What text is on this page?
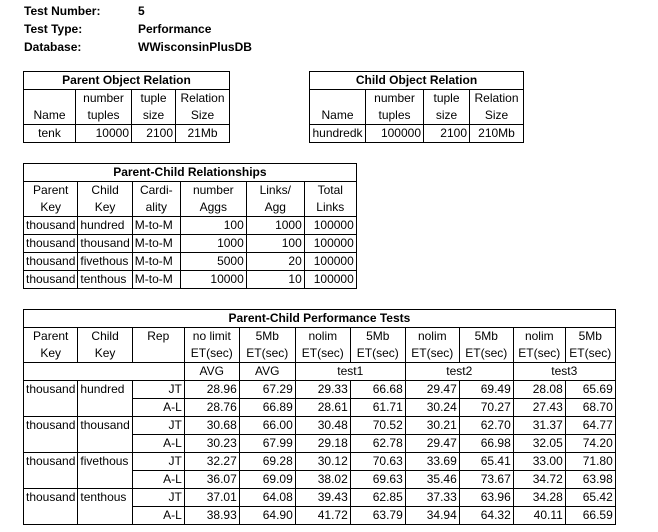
Test Number:	5
Test Type:	Performance
Database:	WWisconsinPlusDB
Parent Object Relation			
	number	tuple	Relation
Name	tuples	size	Size
tenk	10000	2100	21Mb
Child Object Relation			
	number	tuple	Relation
Name	tuples	size	Size
hundredk	100000	2100	210Mb
Parent-Child Relationships					
Parent	Child	Cardi-	number	Links/	Total
Key	Key	ality	Aggs	Agg	Links
thousand	hundred	M-to-M	100	1000	100000
thousand	thousand	M-to-M	1000	100	100000
thousand	fivethous	M-to-M	5000	20	100000
thousand	tenthous	M-to-M	10000	10	100000
Parent-Child Performance Tests										
Parent	Child	Rep	no limit	5Mb	nolim	5Mb	nolim	5Mb	nolim	5Mb
Key	Key		ET(sec)	ET(sec)	ET(sec)	ET(sec)	ET(sec)	ET(sec)	ET(sec)	ET(sec)
			AVG	AVG	test1		test2		test3	
thousand	hundred	JT	28.96	67.29	29.33	66.68	29.47	69.49	28.08	65.69
		A-L	28.76	66.89	28.61	61.71	30.24	70.27	27.43	68.70
thousand	thousand	JT	30.68	66.00	30.48	70.52	30.21	62.70	31.37	64.77
		A-L	30.23	67.99	29.18	62.78	29.47	66.98	32.05	74.20
thousand	fivethous	JT	32.27	69.28	30.12	70.63	33.69	65.41	33.00	71.80
		A-L	36.07	69.09	38.02	69.63	35.46	73.67	34.72	63.98
thousand	tenthous	JT	37.01	64.08	39.43	62.85	37.33	63.96	34.28	65.42
		A-L	38.93	64.90	41.72	63.79	34.94	64.32	40.11	66.59
